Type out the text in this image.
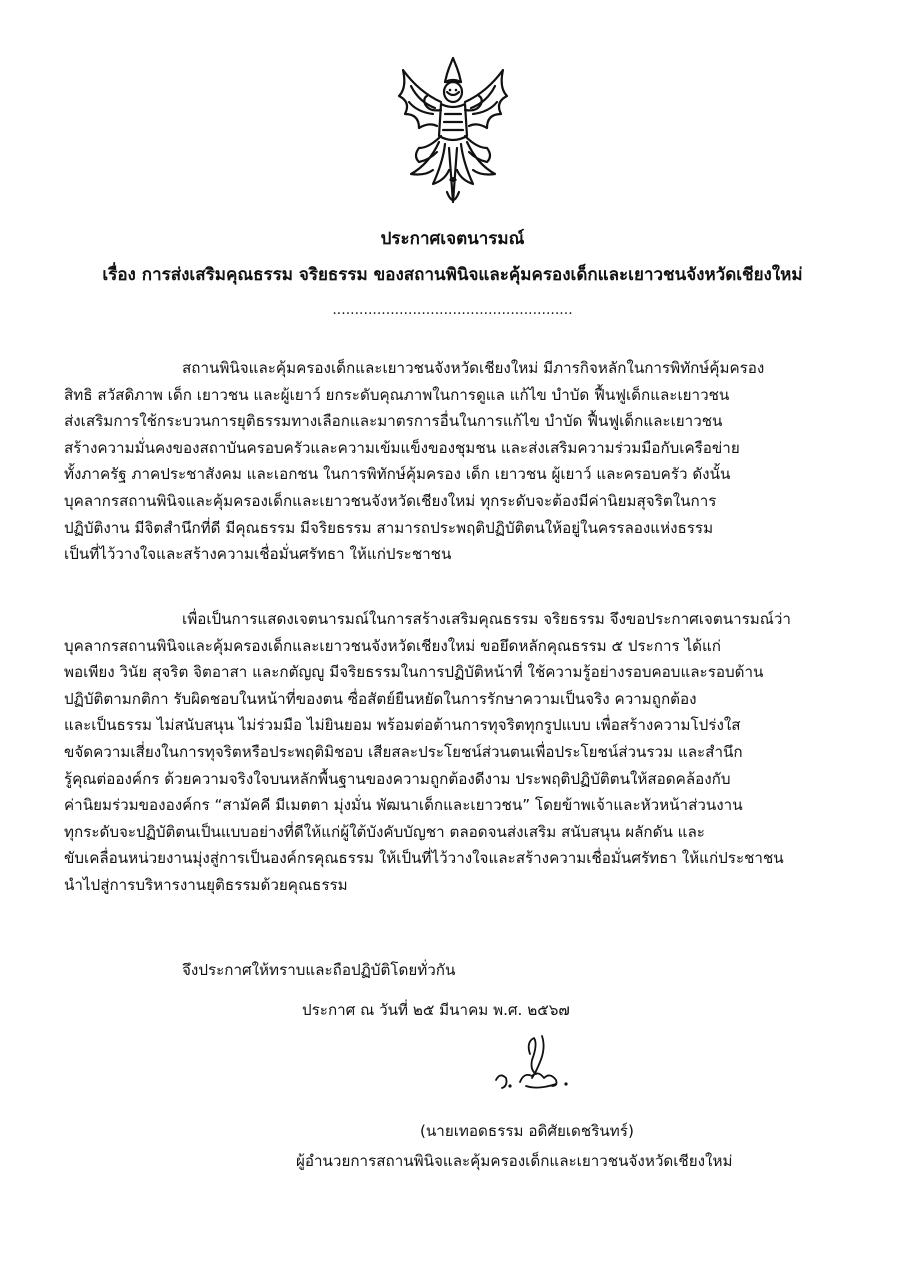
ประกาศเจตนารมณ์
เรื่อง การส่งเสริมคุณธรรม จริยธรรม ของสถานพินิจและคุ้มครองเด็กและเยาวชนจังหวัดเชียงใหม่
......................................................
สถานพินิจและคุ้มครองเด็กและเยาวชนจังหวัดเชียงใหม่ มีภารกิจหลักในการพิทักษ์คุ้มครอง
สิทธิ สวัสดิภาพ เด็ก เยาวชน และผู้เยาว์ ยกระดับคุณภาพในการดูแล แก้ไข บำบัด ฟื้นฟูเด็กและเยาวชน
ส่งเสริมการใช้กระบวนการยุติธรรมทางเลือกและมาตรการอื่นในการแก้ไข บำบัด ฟื้นฟูเด็กและเยาวชน
สร้างความมั่นคงของสถาบันครอบครัวและความเข้มแข็งของชุมชน และส่งเสริมความร่วมมือกับเครือข่าย
ทั้งภาครัฐ ภาคประชาสังคม และเอกชน ในการพิทักษ์คุ้มครอง เด็ก เยาวชน ผู้เยาว์ และครอบครัว ดังนั้น
บุคลากรสถานพินิจและคุ้มครองเด็กและเยาวชนจังหวัดเชียงใหม่ ทุกระดับจะต้องมีค่านิยมสุจริตในการ
ปฏิบัติงาน มีจิตสำนึกที่ดี มีคุณธรรม มีจริยธรรม สามารถประพฤติปฏิบัติตนให้อยู่ในครรลองแห่งธรรม
เป็นที่ไว้วางใจและสร้างความเชื่อมั่นศรัทธา ให้แก่ประชาชน
เพื่อเป็นการแสดงเจตนารมณ์ในการสร้างเสริมคุณธรรม จริยธรรม จึงขอประกาศเจตนารมณ์ว่า
บุคลากรสถานพินิจและคุ้มครองเด็กและเยาวชนจังหวัดเชียงใหม่ ขอยึดหลักคุณธรรม ๕ ประการ ได้แก่
พอเพียง วินัย สุจริต จิตอาสา และกตัญญู มีจริยธรรมในการปฏิบัติหน้าที่ ใช้ความรู้อย่างรอบคอบและรอบด้าน
ปฏิบัติตามกติกา รับผิดชอบในหน้าที่ของตน ซื่อสัตย์ยืนหยัดในการรักษาความเป็นจริง ความถูกต้อง
และเป็นธรรม ไม่สนับสนุน ไม่ร่วมมือ ไม่ยินยอม พร้อมต่อต้านการทุจริตทุกรูปแบบ เพื่อสร้างความโปร่งใส
ขจัดความเสี่ยงในการทุจริตหรือประพฤติมิชอบ เสียสละประโยชน์ส่วนตนเพื่อประโยชน์ส่วนรวม และสำนึก
รู้คุณต่อองค์กร ด้วยความจริงใจบนหลักพื้นฐานของความถูกต้องดีงาม ประพฤติปฏิบัติตนให้สอดคล้องกับ
ค่านิยมร่วมขององค์กร “สามัคคี มีเมตตา มุ่งมั่น พัฒนาเด็กและเยาวชน” โดยข้าพเจ้าและหัวหน้าส่วนงาน
ทุกระดับจะปฏิบัติตนเป็นแบบอย่างที่ดีให้แก่ผู้ใต้บังคับบัญชา ตลอดจนส่งเสริม สนับสนุน ผลักดัน และ
ขับเคลื่อนหน่วยงานมุ่งสู่การเป็นองค์กรคุณธรรม ให้เป็นที่ไว้วางใจและสร้างความเชื่อมั่นศรัทธา ให้แก่ประชาชน
นำไปสู่การบริหารงานยุติธรรมด้วยคุณธรรม
จึงประกาศให้ทราบและถือปฏิบัติโดยทั่วกัน
ประกาศ ณ วันที่ ๒๕ มีนาคม พ.ศ. ๒๕๖๗
(นายเทอดธรรม อดิศัยเดชรินทร์)
ผู้อำนวยการสถานพินิจและคุ้มครองเด็กและเยาวชนจังหวัดเชียงใหม่
